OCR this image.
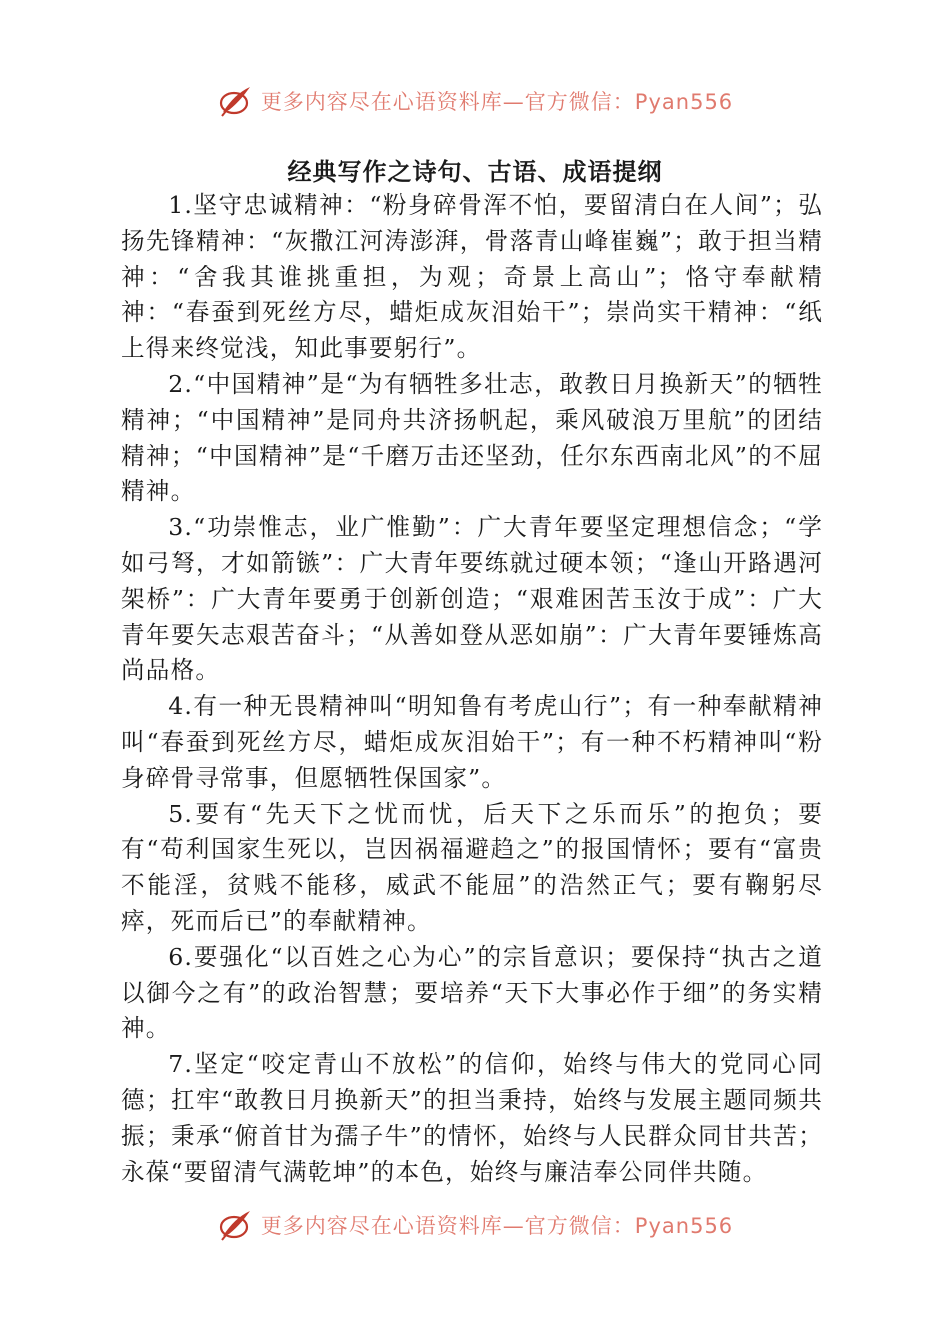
更多内容尽在心语资料库—官方微信：Pyan556
经典写作之诗句、古语、成语提纲

1.坚守忠诚精神：“粉身碎骨浑不怕，要留清白在人间”；弘扬先锋精神：“灰撒江河涛澎湃，骨落青山峰崔巍”；敢于担当精神：“舍我其谁挑重担，为观；奇景上高山”；恪守奉献精神：“春蚕到死丝方尽，蜡炬成灰泪始干”；崇尚实干精神：“纸上得来终觉浅，知此事要躬行”。

2.“中国精神”是“为有牺牲多壮志，敢教日月换新天”的牺牲精神；“中国精神”是同舟共济扬帆起，乘风破浪万里航”的团结精神；“中国精神”是“千磨万击还坚劲，任尔东西南北风”的不屈精神。

3.“功崇惟志，业广惟勤”：广大青年要坚定理想信念；“学如弓弩，才如箭镞”：广大青年要练就过硬本领；“逢山开路遇河架桥”：广大青年要勇于创新创造；“艰难困苦玉汝于成”：广大青年要矢志艰苦奋斗；“从善如登从恶如崩”：广大青年要锤炼高尚品格。

4.有一种无畏精神叫“明知鲁有考虎山行”；有一种奉献精神叫“春蚕到死丝方尽，蜡炬成灰泪始干”；有一种不朽精神叫“粉身碎骨寻常事，但愿牺牲保国家”。

5.要有“先天下之忧而忧，后天下之乐而乐”的抱负；要有“苟利国家生死以，岂因祸福避趋之”的报国情怀；要有“富贵不能淫，贫贱不能移，威武不能屈”的浩然正气；要有鞠躬尽瘁，死而后已”的奉献精神。

6.要强化“以百姓之心为心”的宗旨意识；要保持“执古之道以御今之有”的政治智慧；要培养“天下大事必作于细”的务实精神。

7.坚定“咬定青山不放松”的信仰，始终与伟大的党同心同德；扛牢“敢教日月换新天”的担当秉持，始终与发展主题同频共振；秉承“俯首甘为孺子牛”的情怀，始终与人民群众同甘共苦；永葆“要留清气满乾坤”的本色，始终与廉洁奉公同伴共随。

更多内容尽在心语资料库—官方微信：Pyan556
